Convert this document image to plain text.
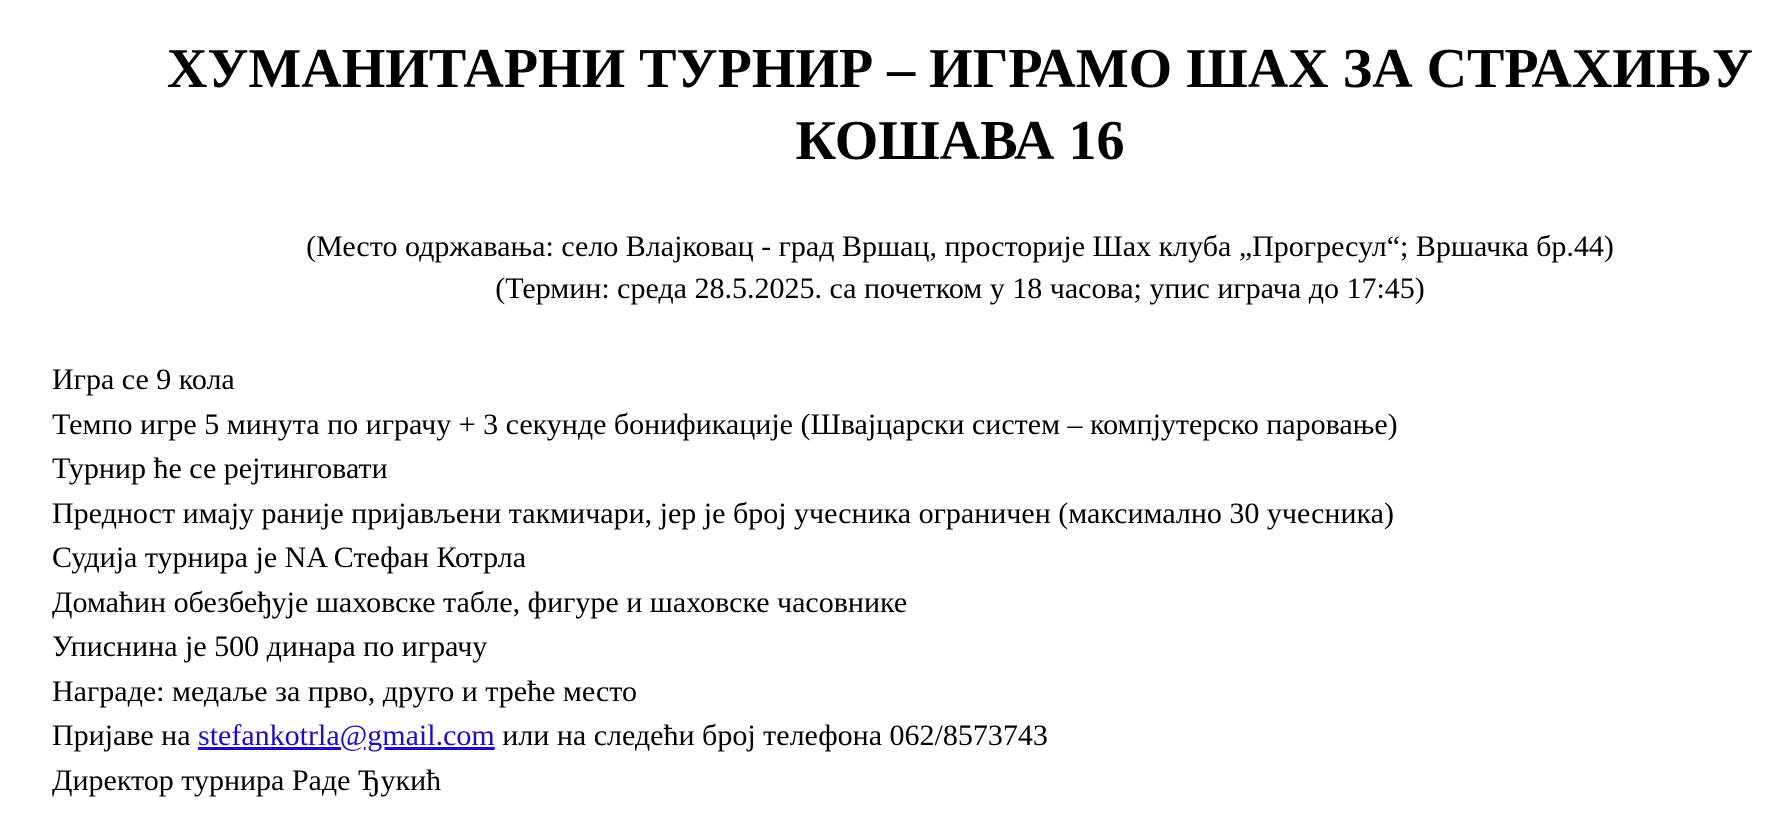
ХУМАНИТАРНИ ТУРНИР – ИГРАМО ШАХ ЗА СТРАХИЊУ
КОШАВА 16

(Место одржавања: село Влајковац - град Вршац, просторије Шах клуба „Прогресул“; Вршачка бр.44)

(Термин: среда 28.5.2025. са почетком у 18 часова; упис играча до 17:45)

Игра се 9 кола
Темпо игре 5 минута по играчу + 3 секунде бонификације (Швајцарски систем – компјутерско паровање)
Турнир ће се рејтинговати
Предност имају раније пријављени такмичари, јер је број учесника ограничен (максимално 30 учесника)
Судија турнира је NA Стефан Котрла
Домаћин обезбеђује шаховске табле, фигуре и шаховске часовнике
Уписнина је 500 динара по играчу
Награде: медаље за прво, друго и треће место
Пријаве на stefankotrla@gmail.com или на следећи број телефона 062/8573743
Директор турнира Раде Ђукић
